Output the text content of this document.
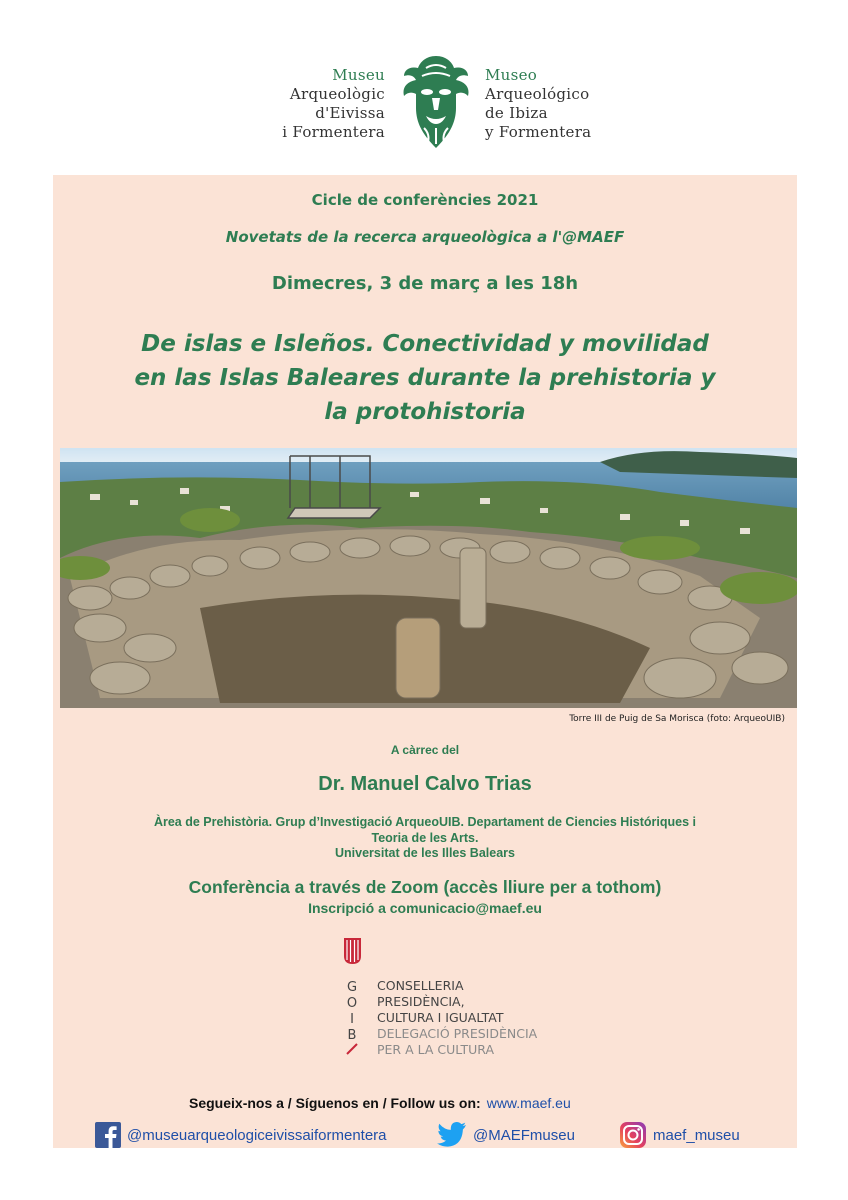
Museu
Arqueològic
d'Eivissa
i Formentera
Museo
Arqueológico
de Ibiza
y Formentera
Cicle de conferències 2021
Novetats de la recerca arqueològica a l'@MAEF
Dimecres, 3 de març a les 18h
De islas e Isleños. Conectividad y movilidad
en las Islas Baleares durante la prehistoria y
la protohistoria
Torre III de Puig de Sa Morisca (foto: ArqueoUIB)
A càrrec del
Dr. Manuel Calvo Trias
Àrea de Prehistòria. Grup d’Investigació ArqueoUIB. Departament de Ciencies Históriques i
Teoria de les Arts.
Universitat de les Illes Balears
Conferència a través de Zoom (accès lliure per a tothom)
Inscripció a comunicacio@maef.eu
G
O
I
B
CONSELLERIA
PRESIDÈNCIA,
CULTURA I IGUALTAT
DELEGACIÓ PRESIDÈNCIA
PER A LA CULTURA
Segueix-nos a / Síguenos en / Follow us on: www.maef.eu
@museuarqueologiceivissaiformentera	@MAEFmuseu	maef_museu
